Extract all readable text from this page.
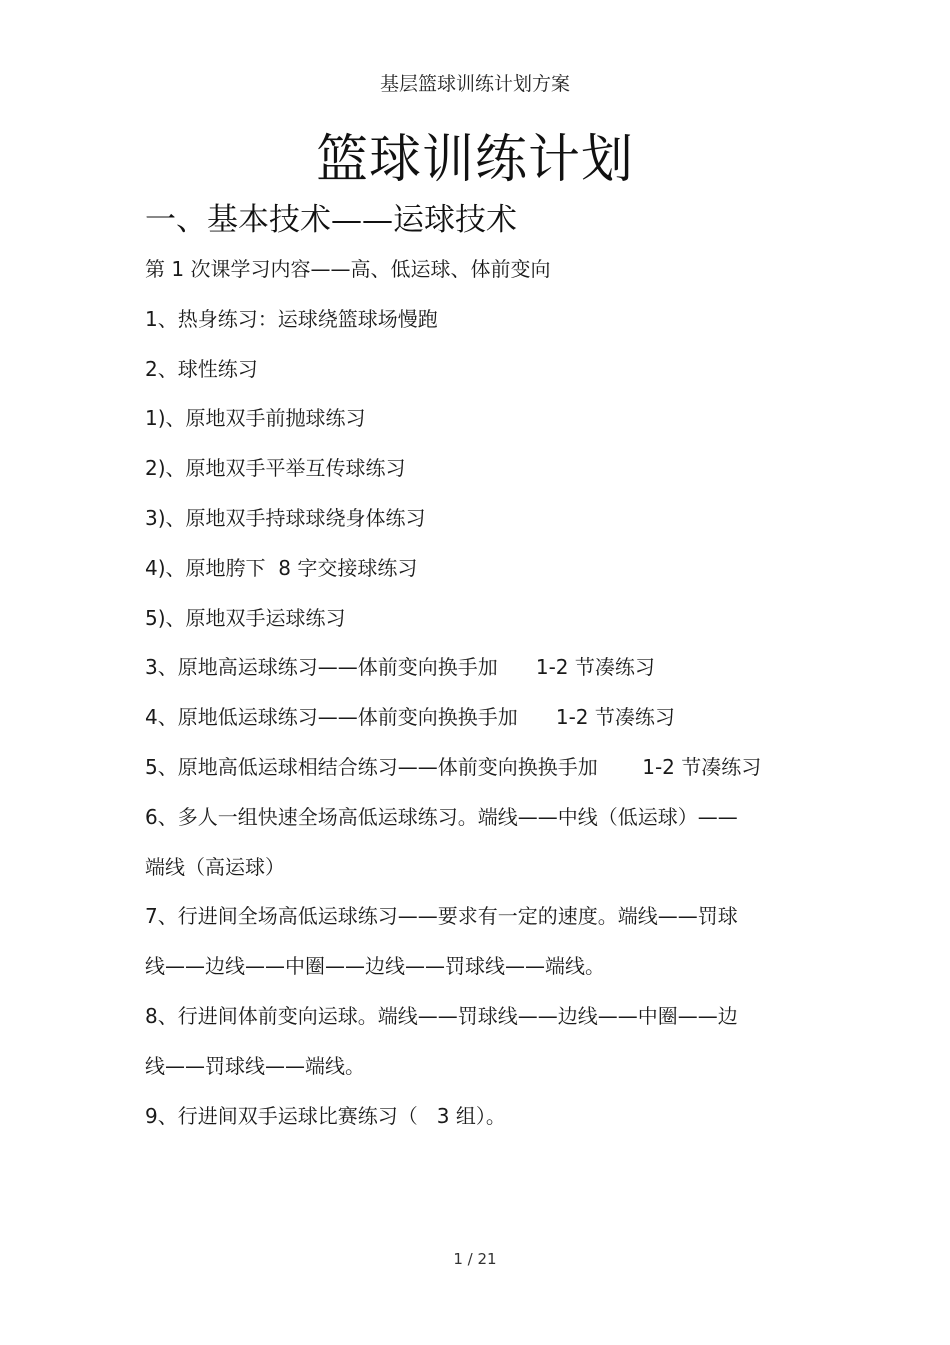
基层篮球训练计划方案
篮球训练计划
一、基本技术——运球技术
第 1 次课学习内容——高、低运球、体前变向
1、热身练习：运球绕篮球场慢跑
2、球性练习
1)、原地双手前抛球练习
2)、原地双手平举互传球练习
3)、原地双手持球球绕身体练习
4)、原地胯下  8 字交接球练习
5)、原地双手运球练习
3、原地高运球练习——体前变向换手加      1-2 节凑练习
4、原地低运球练习——体前变向换换手加      1-2 节凑练习
5、原地高低运球相结合练习——体前变向换换手加       1-2 节凑练习
6、多人一组快速全场高低运球练习。端线——中线（低运球）——
端线（高运球）
7、行进间全场高低运球练习——要求有一定的速度。端线——罚球
线——边线——中圈——边线——罚球线——端线。
8、行进间体前变向运球。端线——罚球线——边线——中圈——边
线——罚球线——端线。
9、行进间双手运球比赛练习（   3 组）。
1 / 21
